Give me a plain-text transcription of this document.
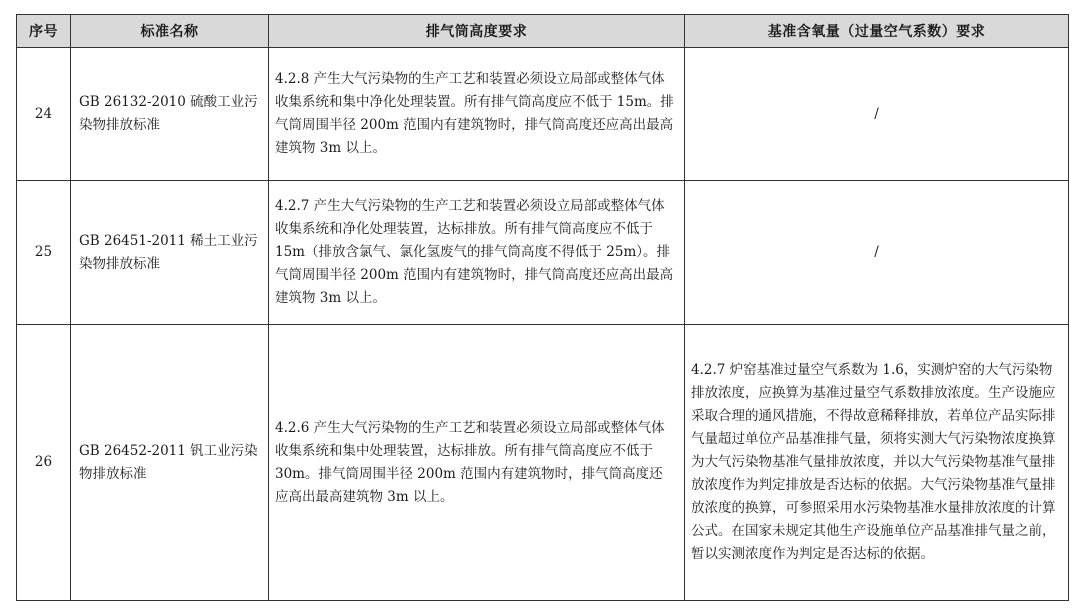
序号	标准名称	排气筒高度要求	基准含氧量（过量空气系数）要求
24	GB 26132-2010 硫酸工业污染物排放标准	4.2.8 产生大气污染物的生产工艺和装置必须设立局部或整体气体收集系统和集中净化处理装置。所有排气筒高度应不低于 15m。排气筒周围半径 200m 范围内有建筑物时，排气筒高度还应高出最高建筑物 3m 以上。	/
25	GB 26451-2011 稀土工业污染物排放标准	4.2.7 产生大气污染物的生产工艺和装置必须设立局部或整体气体收集系统和净化处理装置，达标排放。所有排气筒高度应不低于 15m（排放含氯气、氯化氢废气的排气筒高度不得低于 25m）。排气筒周围半径 200m 范围内有建筑物时，排气筒高度还应高出最高建筑物 3m 以上。	/
26	GB 26452-2011 钒工业污染物排放标准	4.2.6 产生大气污染物的生产工艺和装置必须设立局部或整体气体收集系统和集中处理装置，达标排放。所有排气筒高度应不低于 30m。排气筒周围半径 200m 范围内有建筑物时，排气筒高度还应高出最高建筑物 3m 以上。	4.2.7 炉窑基准过量空气系数为 1.6，实测炉窑的大气污染物排放浓度，应换算为基准过量空气系数排放浓度。生产设施应采取合理的通风措施，不得故意稀释排放，若单位产品实际排气量超过单位产品基准排气量，须将实测大气污染物浓度换算为大气污染物基准气量排放浓度，并以大气污染物基准气量排放浓度作为判定排放是否达标的依据。大气污染物基准气量排放浓度的换算，可参照采用水污染物基准水量排放浓度的计算公式。在国家未规定其他生产设施单位产品基准排气量之前，暂以实测浓度作为判定是否达标的依据。
